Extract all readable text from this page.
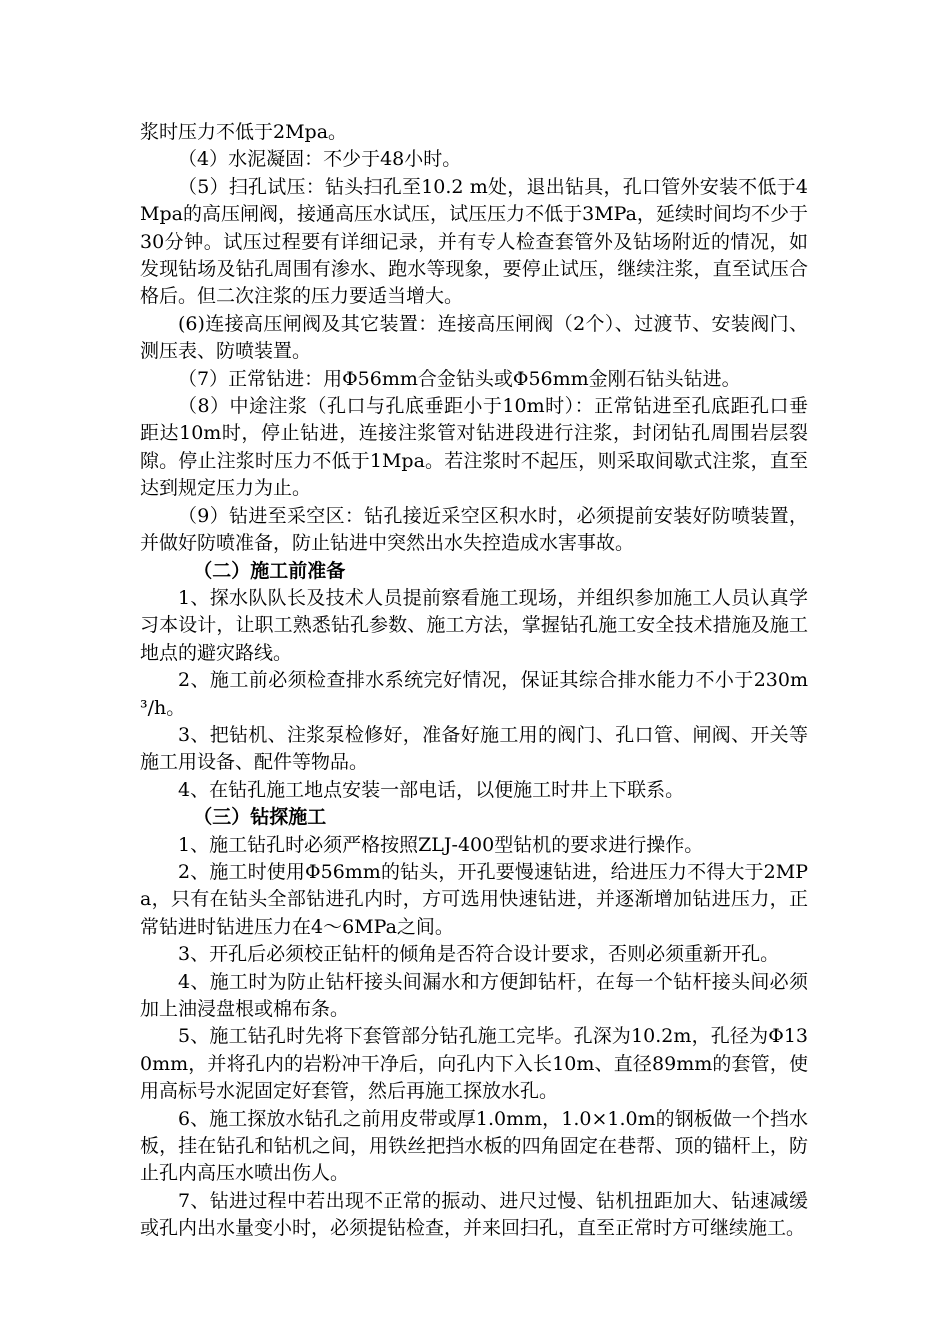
浆时压力不低于2Mpa。

（4）水泥凝固：不少于48小时。

（5）扫孔试压：钻头扫孔至10.2 m处，退出钻具，孔口管外安装不低于4Mpa的高压闸阀，接通高压水试压，试压压力不低于3MPa，延续时间均不少于30分钟。试压过程要有详细记录，并有专人检查套管外及钻场附近的情况，如发现钻场及钻孔周围有渗水、跑水等现象，要停止试压，继续注浆，直至试压合格后。但二次注浆的压力要适当增大。

(6)连接高压闸阀及其它装置：连接高压闸阀（2个）、过渡节、安装阀门、测压表、防喷装置。

（7）正常钻进：用Φ56mm合金钻头或Φ56mm金刚石钻头钻进。

（8）中途注浆（孔口与孔底垂距小于10m时）：正常钻进至孔底距孔口垂距达10m时，停止钻进，连接注浆管对钻进段进行注浆，封闭钻孔周围岩层裂隙。停止注浆时压力不低于1Mpa。若注浆时不起压，则采取间歇式注浆，直至达到规定压力为止。

（9）钻进至采空区：钻孔接近采空区积水时，必须提前安装好防喷装置，并做好防喷准备，防止钻进中突然出水失控造成水害事故。

（二）施工前准备

1、探水队队长及技术人员提前察看施工现场，并组织参加施工人员认真学习本设计，让职工熟悉钻孔参数、施工方法，掌握钻孔施工安全技术措施及施工地点的避灾路线。

2、施工前必须检查排水系统完好情况，保证其综合排水能力不小于230m³/h。

3、把钻机、注浆泵检修好，准备好施工用的阀门、孔口管、闸阀、开关等施工用设备、配件等物品。

4、在钻孔施工地点安装一部电话，以便施工时井上下联系。

（三）钻探施工

1、施工钻孔时必须严格按照ZLJ-400型钻机的要求进行操作。

2、施工时使用Φ56mm的钻头，开孔要慢速钻进，给进压力不得大于2MPa，只有在钻头全部钻进孔内时，方可选用快速钻进，并逐渐增加钻进压力，正常钻进时钻进压力在4～6MPa之间。

3、开孔后必须校正钻杆的倾角是否符合设计要求，否则必须重新开孔。

4、施工时为防止钻杆接头间漏水和方便卸钻杆，在每一个钻杆接头间必须加上油浸盘根或棉布条。

5、施工钻孔时先将下套管部分钻孔施工完毕。孔深为10.2m，孔径为Φ130mm，并将孔内的岩粉冲干净后，向孔内下入长10m、直径89mm的套管，使用高标号水泥固定好套管，然后再施工探放水孔。

6、施工探放水钻孔之前用皮带或厚1.0mm，1.0×1.0m的钢板做一个挡水板，挂在钻孔和钻机之间，用铁丝把挡水板的四角固定在巷帮、顶的锚杆上，防止孔内高压水喷出伤人。

7、钻进过程中若出现不正常的振动、进尺过慢、钻机扭距加大、钻速减缓或孔内出水量变小时，必须提钻检查，并来回扫孔，直至正常时方可继续施工。
